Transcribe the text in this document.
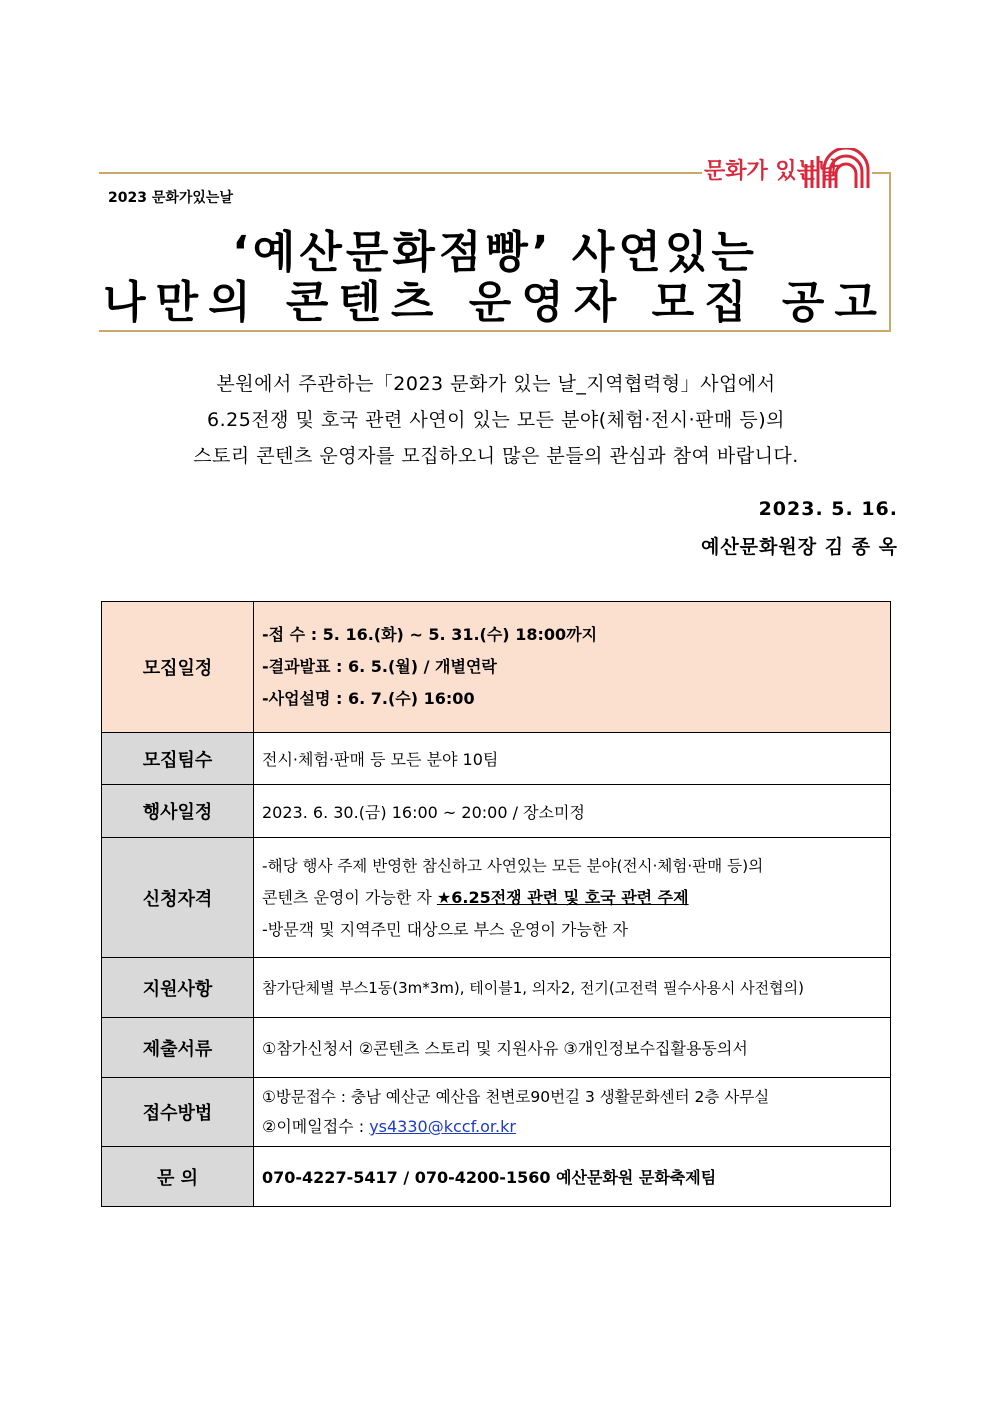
2023 문화가있는날
문화가 있는날
‘예산문화점빵’ 사연있는
나만의 콘텐츠 운영자 모집 공고

본원에서 주관하는「2023 문화가 있는 날_지역협력형」사업에서

6.25전쟁 및 호국 관련 사연이 있는 모든 분야(체험·전시·판매 등)의

스토리 콘텐츠 운영자를 모집하오니 많은 분들의 관심과 참여 바랍니다.

2023. 5. 16.
예산문화원장 김 종 옥
모집일정	-접 수 : 5. 16.(화) ~ 5. 31.(수) 18:00까지
-결과발표 : 6. 5.(월) / 개별연락
-사업설명 : 6. 7.(수) 16:00

모집팀수	전시·체험·판매 등 모든 분야 10팀
행사일정	2023. 6. 30.(금) 16:00 ~ 20:00 / 장소미정
신청자격	-해당 행사 주제 반영한 참신하고 사연있는 모든 분야(전시·체험·판매 등)의
콘텐츠 운영이 가능한 자 ★6.25전쟁 관련 및 호국 관련 주제
-방문객 및 지역주민 대상으로 부스 운영이 가능한 자

지원사항	참가단체별 부스1동(3m*3m), 테이블1, 의자2, 전기(고전력 필수사용시 사전협의)
제출서류	①참가신청서 ②콘텐츠 스토리 및 지원사유 ③개인정보수집활용동의서
접수방법	①방문접수 : 충남 예산군 예산읍 천변로90번길 3 생활문화센터 2층 사무실
②이메일접수 : ys4330@kccf.or.kr

문 의	070-4227-5417 / 070-4200-1560 예산문화원 문화축제팀
